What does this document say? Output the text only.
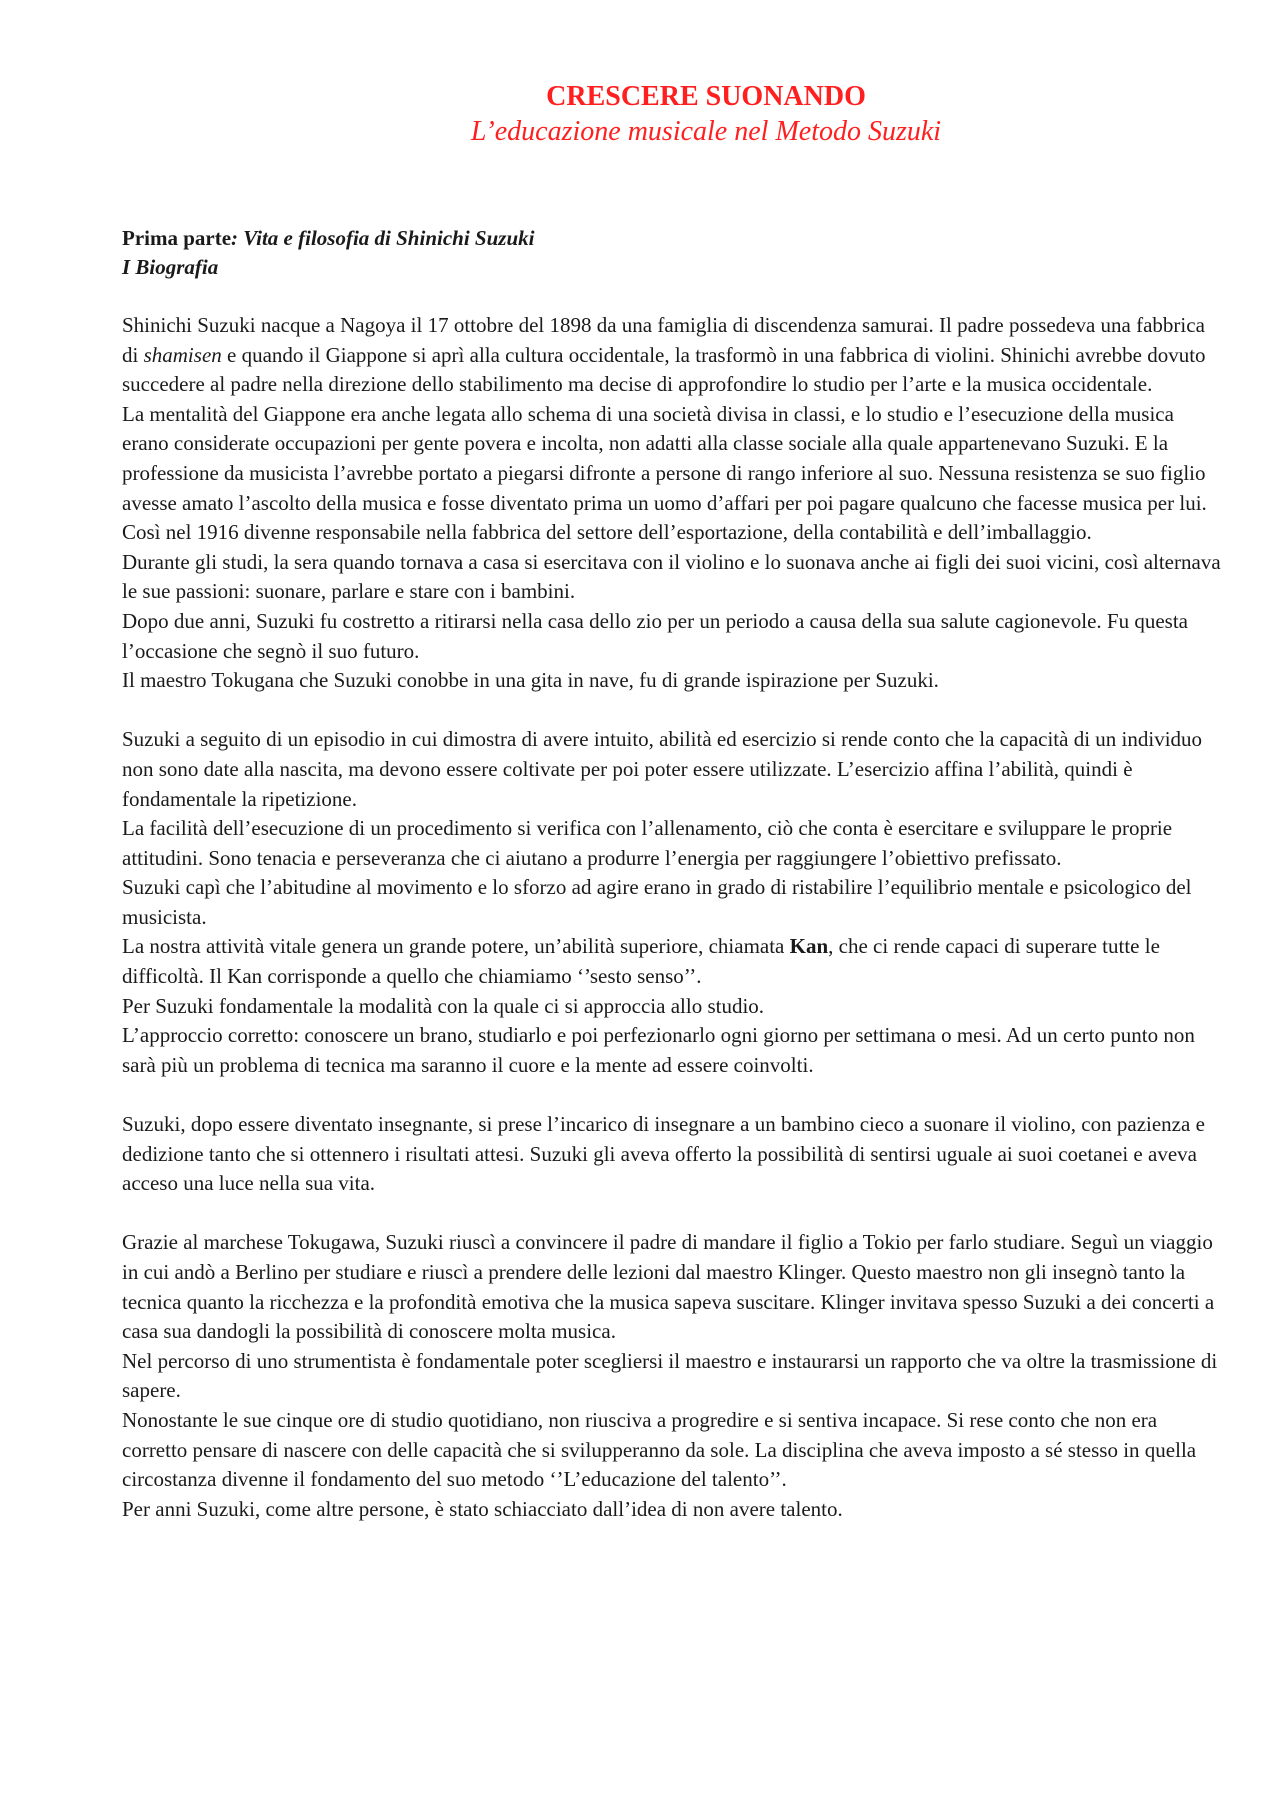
CRESCERE SUONANDO
L’educazione musicale nel Metodo Suzuki
Prima parte: Vita e filosofia di Shinichi Suzuki
I Biografia

Shinichi Suzuki nacque a Nagoya il 17 ottobre del 1898 da una famiglia di discendenza samurai. Il padre possedeva una fabbrica di shamisen e quando il Giappone si aprì alla cultura occidentale, la trasformò in una fabbrica di violini. Shinichi avrebbe dovuto succedere al padre nella direzione dello stabilimento ma decise di approfondire lo studio per l’arte e la musica occidentale.

La mentalità del Giappone era anche legata allo schema di una società divisa in classi, e lo studio e l’esecuzione della musica erano considerate occupazioni per gente povera e incolta, non adatti alla classe sociale alla quale appartenevano Suzuki. E la professione da musicista l’avrebbe portato a piegarsi difronte a persone di rango inferiore al suo. Nessuna resistenza se suo figlio avesse amato l’ascolto della musica e fosse diventato prima un uomo d’affari per poi pagare qualcuno che facesse musica per lui.

Così nel 1916 divenne responsabile nella fabbrica del settore dell’esportazione, della contabilità e dell’imballaggio.

Durante gli studi, la sera quando tornava a casa si esercitava con il violino e lo suonava anche ai figli dei suoi vicini, così alternava le sue passioni: suonare, parlare e stare con i bambini.

Dopo due anni, Suzuki fu costretto a ritirarsi nella casa dello zio per un periodo a causa della sua salute cagionevole. Fu questa l’occasione che segnò il suo futuro.

Il maestro Tokugana che Suzuki conobbe in una gita in nave, fu di grande ispirazione per Suzuki.

Suzuki a seguito di un episodio in cui dimostra di avere intuito, abilità ed esercizio si rende conto che la capacità di un individuo non sono date alla nascita, ma devono essere coltivate per poi poter essere utilizzate. L’esercizio affina l’abilità, quindi è fondamentale la ripetizione.

La facilità dell’esecuzione di un procedimento si verifica con l’allenamento, ciò che conta è esercitare e sviluppare le proprie attitudini. Sono tenacia e perseveranza che ci aiutano a produrre l’energia per raggiungere l’obiettivo prefissato.

Suzuki capì che l’abitudine al movimento e lo sforzo ad agire erano in grado di ristabilire l’equilibrio mentale e psicologico del musicista.

La nostra attività vitale genera un grande potere, un’abilità superiore, chiamata Kan, che ci rende capaci di superare tutte le difficoltà. Il Kan corrisponde a quello che chiamiamo ‘’sesto senso’’.

Per Suzuki fondamentale la modalità con la quale ci si approccia allo studio.

L’approccio corretto: conoscere un brano, studiarlo e poi perfezionarlo ogni giorno per settimana o mesi. Ad un certo punto non sarà più un problema di tecnica ma saranno il cuore e la mente ad essere coinvolti.

Suzuki, dopo essere diventato insegnante, si prese l’incarico di insegnare a un bambino cieco a suonare il violino, con pazienza e dedizione tanto che si ottennero i risultati attesi. Suzuki gli aveva offerto la possibilità di sentirsi uguale ai suoi coetanei e aveva acceso una luce nella sua vita.

Grazie al marchese Tokugawa, Suzuki riuscì a convincere il padre di mandare il figlio a Tokio per farlo studiare. Seguì un viaggio in cui andò a Berlino per studiare e riuscì a prendere delle lezioni dal maestro Klinger. Questo maestro non gli insegnò tanto la tecnica quanto la ricchezza e la profondità emotiva che la musica sapeva suscitare. Klinger invitava spesso Suzuki a dei concerti a casa sua dandogli la possibilità di conoscere molta musica.

Nel percorso di uno strumentista è fondamentale poter scegliersi il maestro e instaurarsi un rapporto che va oltre la trasmissione di sapere.

Nonostante le sue cinque ore di studio quotidiano, non riusciva a progredire e si sentiva incapace. Si rese conto che non era corretto pensare di nascere con delle capacità che si svilupperanno da sole. La disciplina che aveva imposto a sé stesso in quella circostanza divenne il fondamento del suo metodo ‘’L’educazione del talento’’.

Per anni Suzuki, come altre persone, è stato schiacciato dall’idea di non avere talento.
